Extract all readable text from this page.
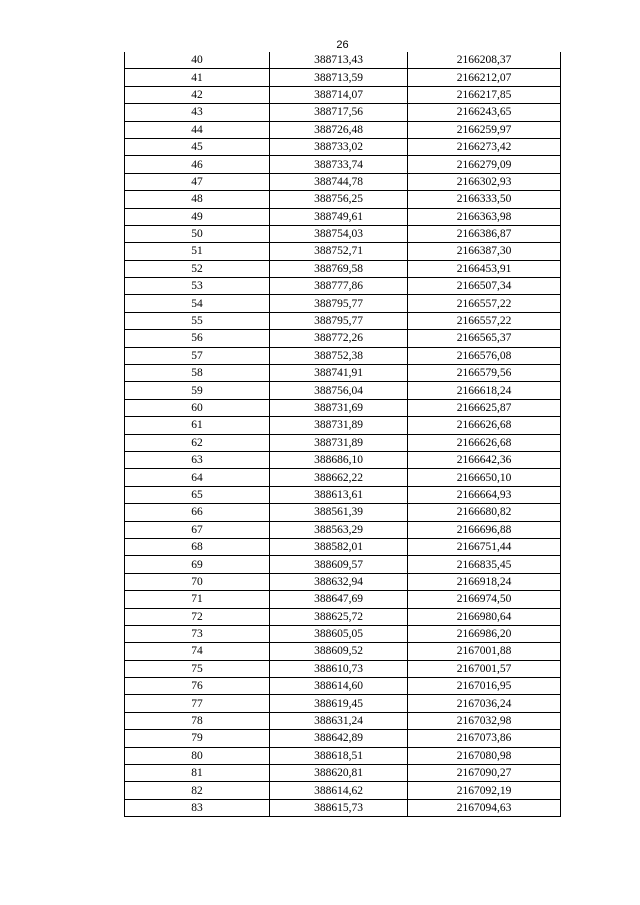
26
40	388713,43	2166208,37
41	388713,59	2166212,07
42	388714,07	2166217,85
43	388717,56	2166243,65
44	388726,48	2166259,97
45	388733,02	2166273,42
46	388733,74	2166279,09
47	388744,78	2166302,93
48	388756,25	2166333,50
49	388749,61	2166363,98
50	388754,03	2166386,87
51	388752,71	2166387,30
52	388769,58	2166453,91
53	388777,86	2166507,34
54	388795,77	2166557,22
55	388795,77	2166557,22
56	388772,26	2166565,37
57	388752,38	2166576,08
58	388741,91	2166579,56
59	388756,04	2166618,24
60	388731,69	2166625,87
61	388731,89	2166626,68
62	388731,89	2166626,68
63	388686,10	2166642,36
64	388662,22	2166650,10
65	388613,61	2166664,93
66	388561,39	2166680,82
67	388563,29	2166696,88
68	388582,01	2166751,44
69	388609,57	2166835,45
70	388632,94	2166918,24
71	388647,69	2166974,50
72	388625,72	2166980,64
73	388605,05	2166986,20
74	388609,52	2167001,88
75	388610,73	2167001,57
76	388614,60	2167016,95
77	388619,45	2167036,24
78	388631,24	2167032,98
79	388642,89	2167073,86
80	388618,51	2167080,98
81	388620,81	2167090,27
82	388614,62	2167092,19
83	388615,73	2167094,63
